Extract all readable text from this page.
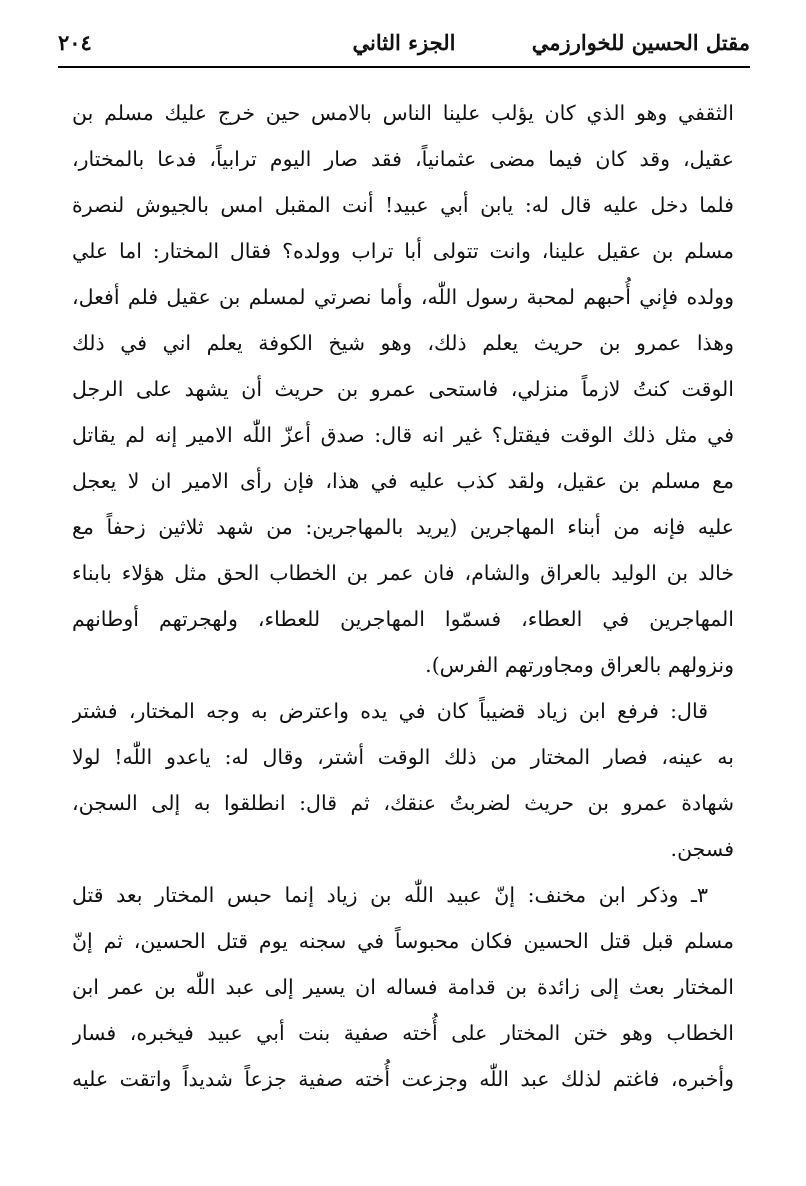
مقتل الحسين للخوارزمي
الجزء الثاني
٢٠٤
الثقفي وهو الذي كان يؤلب علينا الناس بالامس حين خرج عليك مسلم بن
عقيل، وقد كان فيما مضى عثمانياً، فقد صار اليوم ترابياً، فدعا بالمختار،
فلما دخل عليه قال له: يابن أبي عبيد! أنت المقبل امس بالجيوش لنصرة
مسلم بن عقيل علينا، وانت تتولى أبا تراب وولده؟ فقال المختار: اما علي
وولده فإني أُحبهم لمحبة رسول اللّٰه، وأما نصرتي لمسلم بن عقيل فلم أفعل،
وهذا عمرو بن حريث يعلم ذلك، وهو شيخ الكوفة يعلم اني في ذلك
الوقت كنتُ لازماً منزلي، فاستحى عمرو بن حريث أن يشهد على الرجل
في مثل ذلك الوقت فيقتل؟ غير انه قال: صدق أعزّ اللّٰه الامير إنه لم يقاتل
مع مسلم بن عقيل، ولقد كذب عليه في هذا، فإن رأى الامير ان لا يعجل
عليه فإنه من أبناء المهاجرين (يريد بالمهاجرين: من شهد ثلاثين زحفاً مع
خالد بن الوليد بالعراق والشام، فان عمر بن الخطاب الحق مثل هؤلاء بابناء
المهاجرين في العطاء، فسمّوا المهاجرين للعطاء، ولهجرتهم أوطانهم
ونزولهم بالعراق ومجاورتهم الفرس).
قال: فرفع ابن زياد قضيباً كان في يده واعترض به وجه المختار، فشتر
به عينه، فصار المختار من ذلك الوقت أشتر، وقال له: ياعدو اللّٰه! لولا
شهادة عمرو بن حريث لضربتُ عنقك، ثم قال: انطلقوا به إلى السجن،
فسجن.
٣ـ وذكر ابن مخنف: إنّ عبيد اللّٰه بن زياد إنما حبس المختار بعد قتل
مسلم قبل قتل الحسين فكان محبوساً في سجنه يوم قتل الحسين، ثم إنّ
المختار بعث إلى زائدة بن قدامة فساله ان يسير إلى عبد اللّٰه بن عمر ابن
الخطاب وهو ختن المختار على أُخته صفية بنت أبي عبيد فيخبره، فسار
وأخبره، فاغتم لذلك عبد اللّٰه وجزعت أُخته صفية جزعاً شديداً واتقت عليه
